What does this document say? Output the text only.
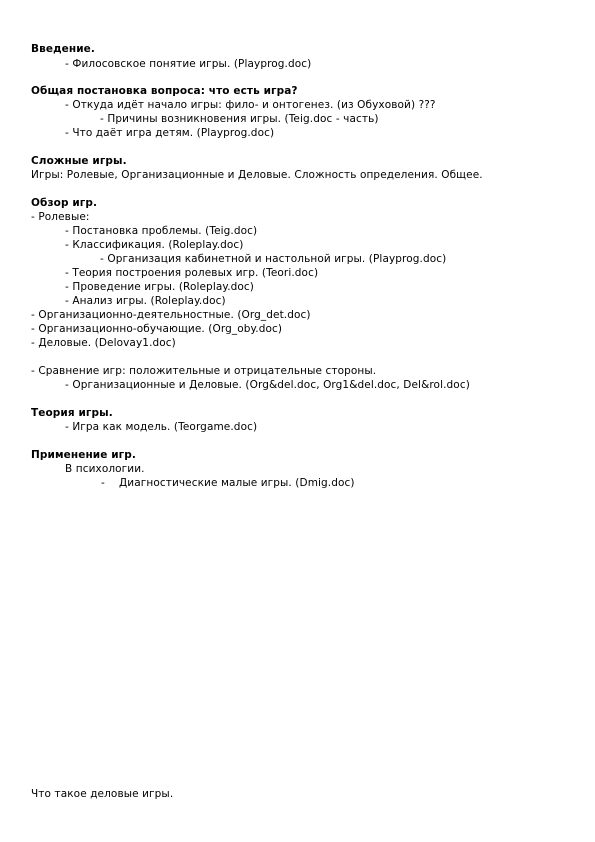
Введение.
- Филосовское понятие игры. (Playprog.doc)
Общая постановка вопроса: что есть игра?
- Откуда идёт начало игры: фило- и онтогенез. (из Обуховой) ???
- Причины возникновения игры. (Teig.doc - часть)
- Что даёт игра детям. (Playprog.doc)
Сложные игры.
Игры: Ролевые, Организационные и Деловые. Сложность определения. Общее.
Обзор игр.
- Ролевые:
- Постановка проблемы. (Teig.doc)
- Классификация. (Roleplay.doc)
- Организация кабинетной и настольной игры. (Playprog.doc)
- Теория построения ролевых игр. (Teori.doc)
- Проведение игры. (Roleplay.doc)
- Анализ игры. (Roleplay.doc)
- Организационно-деятельностные. (Org_det.doc)
- Организационно-обучающие. (Org_oby.doc)
- Деловые. (Delovay1.doc)
- Сравнение игр: положительные и отрицательные стороны.
- Организационные и Деловые. (Org&del.doc, Org1&del.doc, Del&rol.doc)
Теория игры.
- Игра как модель. (Teorgame.doc)
Применение игр.
В психологии.
- Диагностические малые игры. (Dmig.doc)
Что такое деловые игры.
